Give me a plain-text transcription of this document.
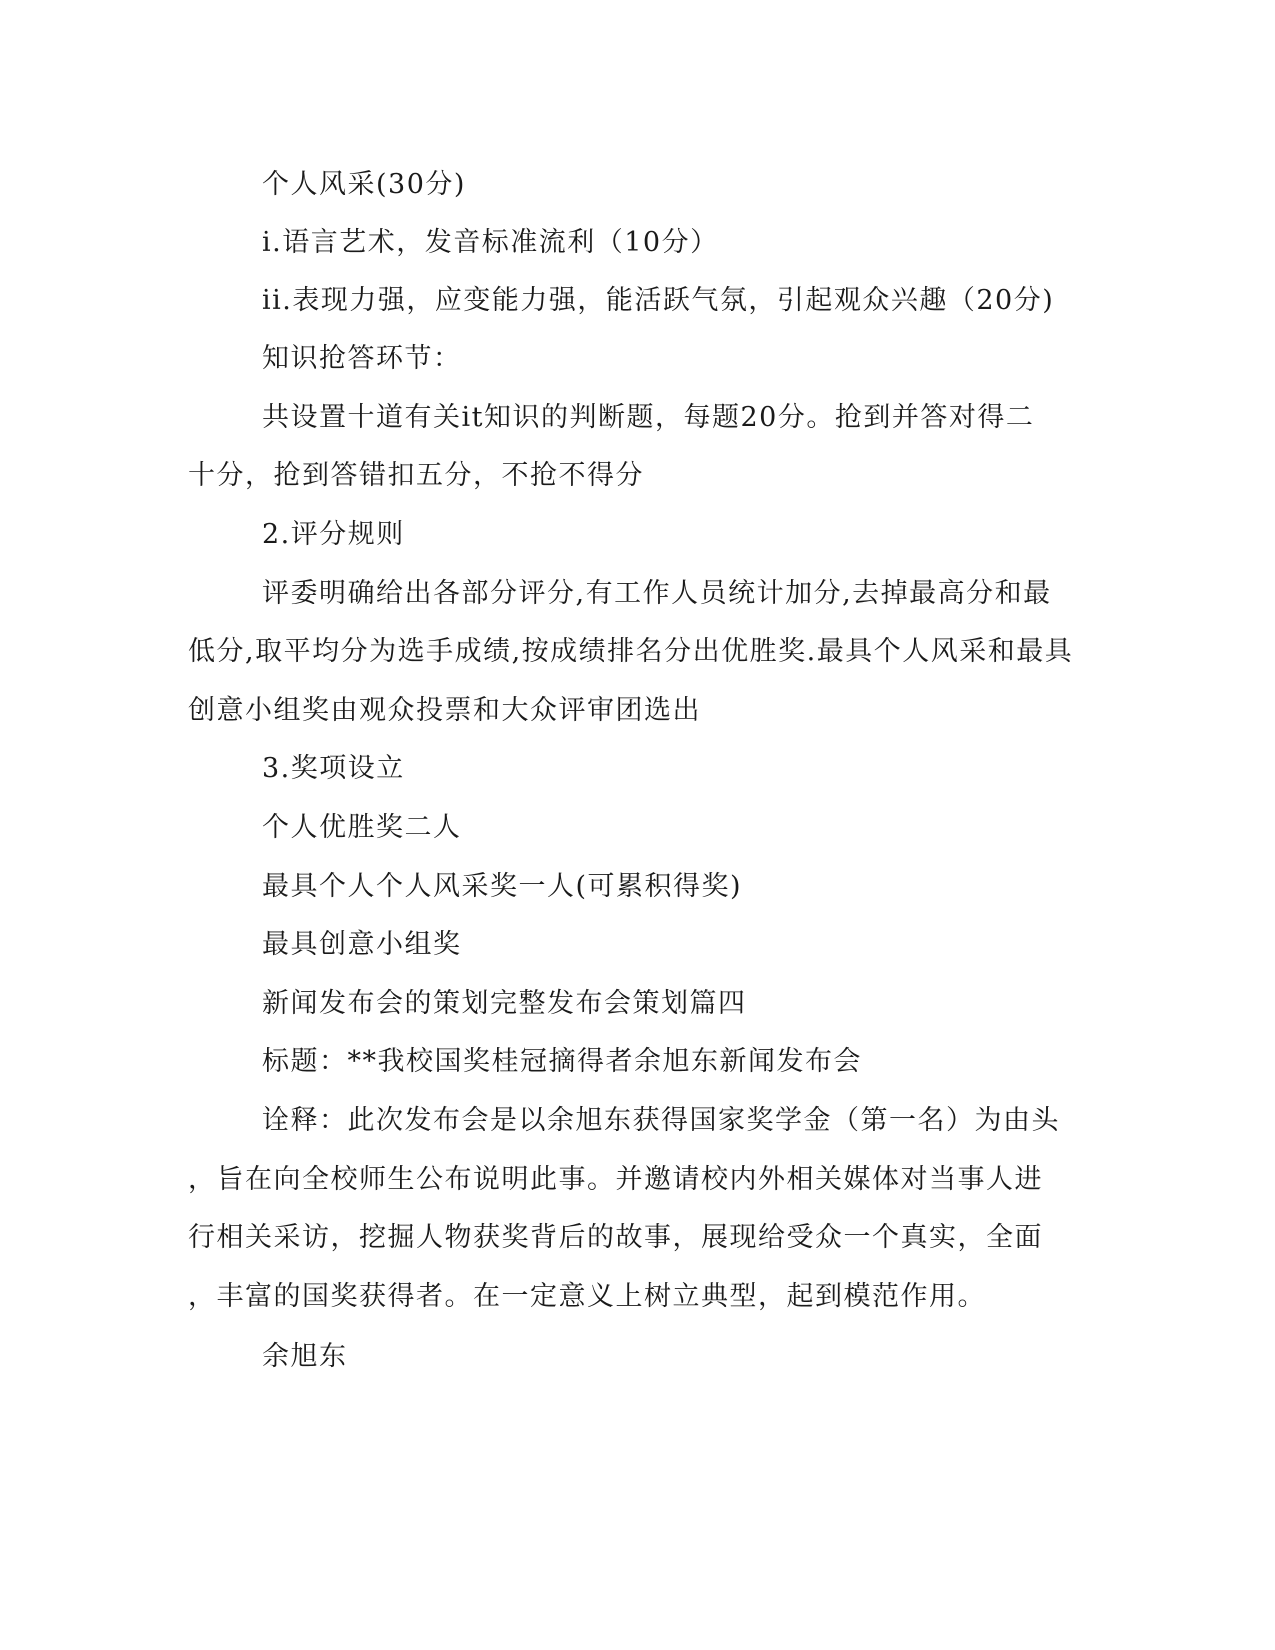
个人风采(30分)

i.语言艺术，发音标准流利（10分）

ii.表现力强，应变能力强，能活跃气氛，引起观众兴趣（20分)

知识抢答环节：

共设置十道有关it知识的判断题，每题20分。抢到并答对得二

十分，抢到答错扣五分，不抢不得分

2.评分规则

评委明确给出各部分评分,有工作人员统计加分,去掉最高分和最

低分,取平均分为选手成绩,按成绩排名分出优胜奖.最具个人风采和最具

创意小组奖由观众投票和大众评审团选出

3.奖项设立

个人优胜奖二人

最具个人个人风采奖一人(可累积得奖)

最具创意小组奖

新闻发布会的策划完整发布会策划篇四

标题：**我校国奖桂冠摘得者余旭东新闻发布会

诠释：此次发布会是以余旭东获得国家奖学金（第一名）为由头

，旨在向全校师生公布说明此事。并邀请校内外相关媒体对当事人进

行相关采访，挖掘人物获奖背后的故事，展现给受众一个真实，全面

，丰富的国奖获得者。在一定意义上树立典型，起到模范作用。

余旭东
